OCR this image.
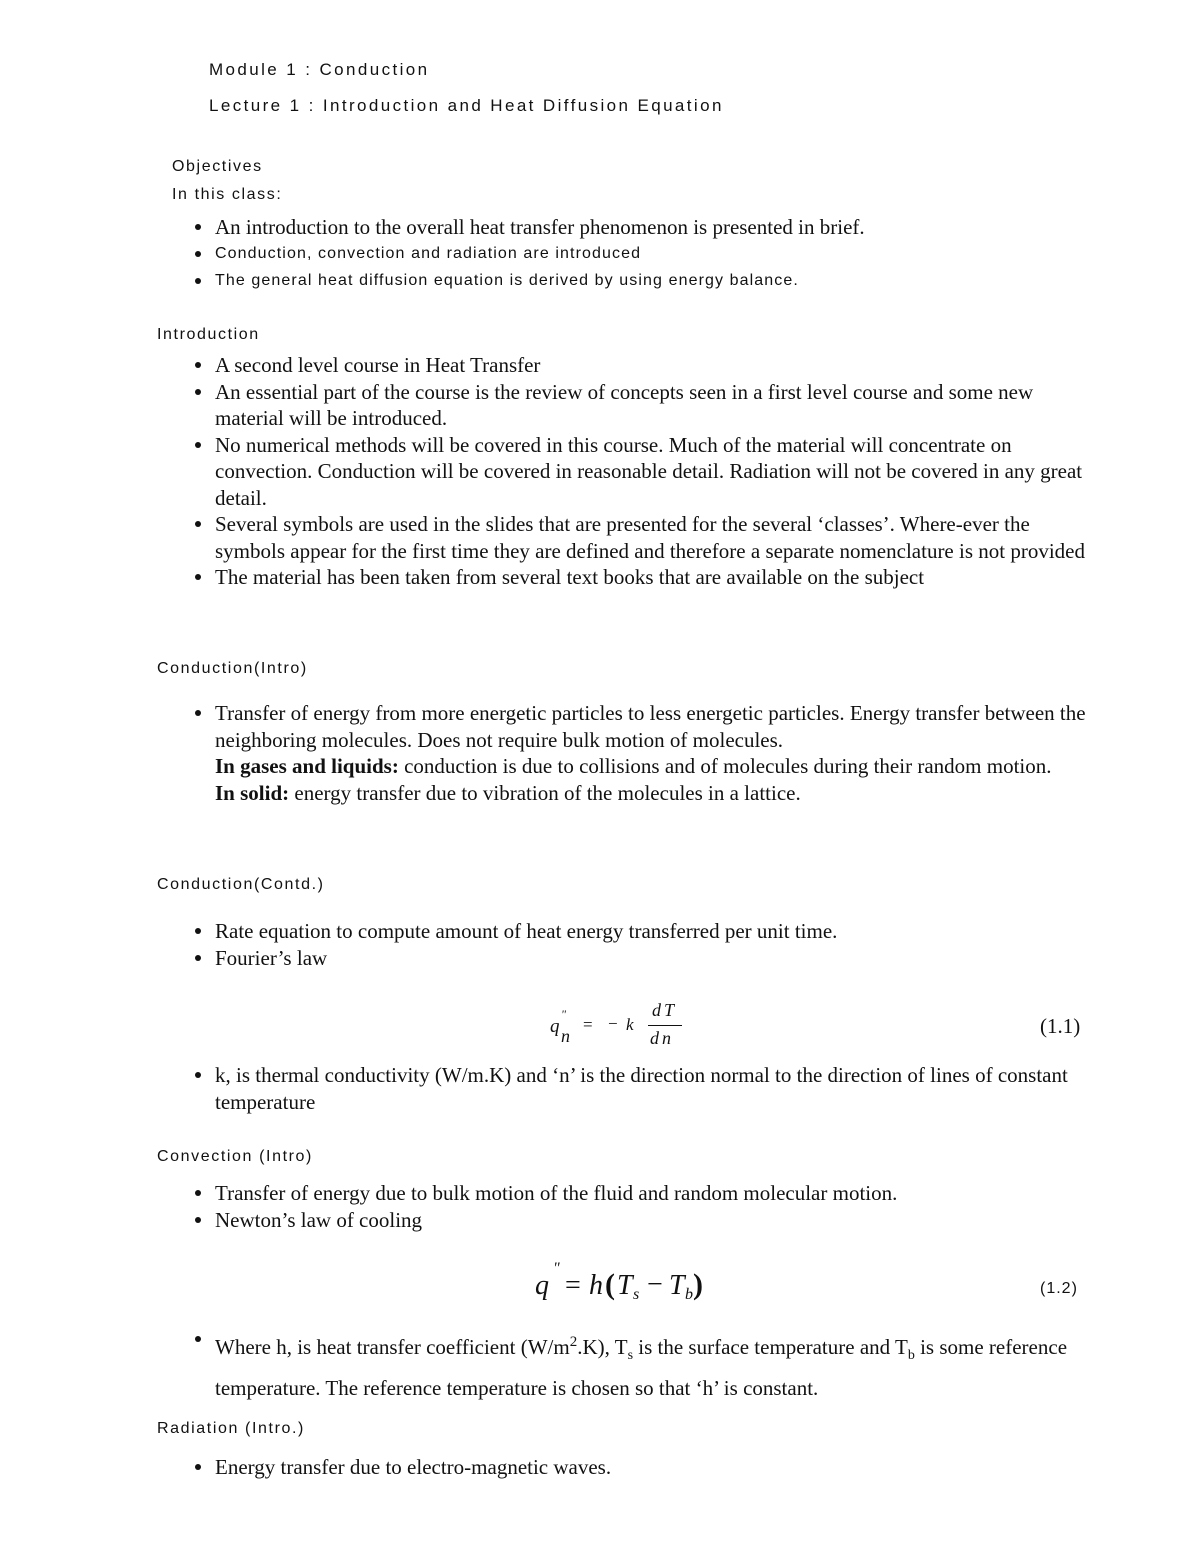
Module 1 : Conduction
Lecture 1 : Introduction and Heat Diffusion Equation
Objectives
In this class:
An introduction to the overall heat transfer phenomenon is presented in brief.
Conduction, convection and radiation are introduced
The general heat diffusion equation is derived by using energy balance.
Introduction
A second level course in Heat Transfer
An essential part of the course is the review of concepts seen in a first level course and some new material will be introduced.
No numerical methods will be covered in this course. Much of the material will concentrate on convection. Conduction will be covered in reasonable detail. Radiation will not be covered in any great detail.
Several symbols are used in the slides that are presented for the several ‘classes’. Where-ever the symbols appear for the first time they are defined and therefore a separate nomenclature is not provided
The material has been taken from several text books that are available on the subject
Conduction(Intro)
Transfer of energy from more energetic particles to less energetic particles. Energy transfer between the neighboring molecules. Does not require bulk motion of molecules.
In gases and liquids: conduction is due to collisions and of molecules during their random motion.
In solid: energy transfer due to vibration of the molecules in a lattice.
Conduction(Contd.)
Rate equation to compute amount of heat energy transferred per unit time.
Fourier’s law
q
"
n
= − k
dT
dn	(1.1)
k, is thermal conductivity (W/m.K) and ‘n’ is the direction normal to the direction of lines of constant temperature
Convection (Intro)
Transfer of energy due to bulk motion of the fluid and random molecular motion.
Newton’s law of cooling
q
"
= h ( T s − T b )	(1.2)
Where h, is heat transfer coefficient $(W/m^2.K)$, $T_s$ is the surface temperature and $T_b$ is some reference temperature. The reference temperature is chosen so that ‘h’ is constant.
Radiation (Intro.)
Energy transfer due to electro-magnetic waves.
